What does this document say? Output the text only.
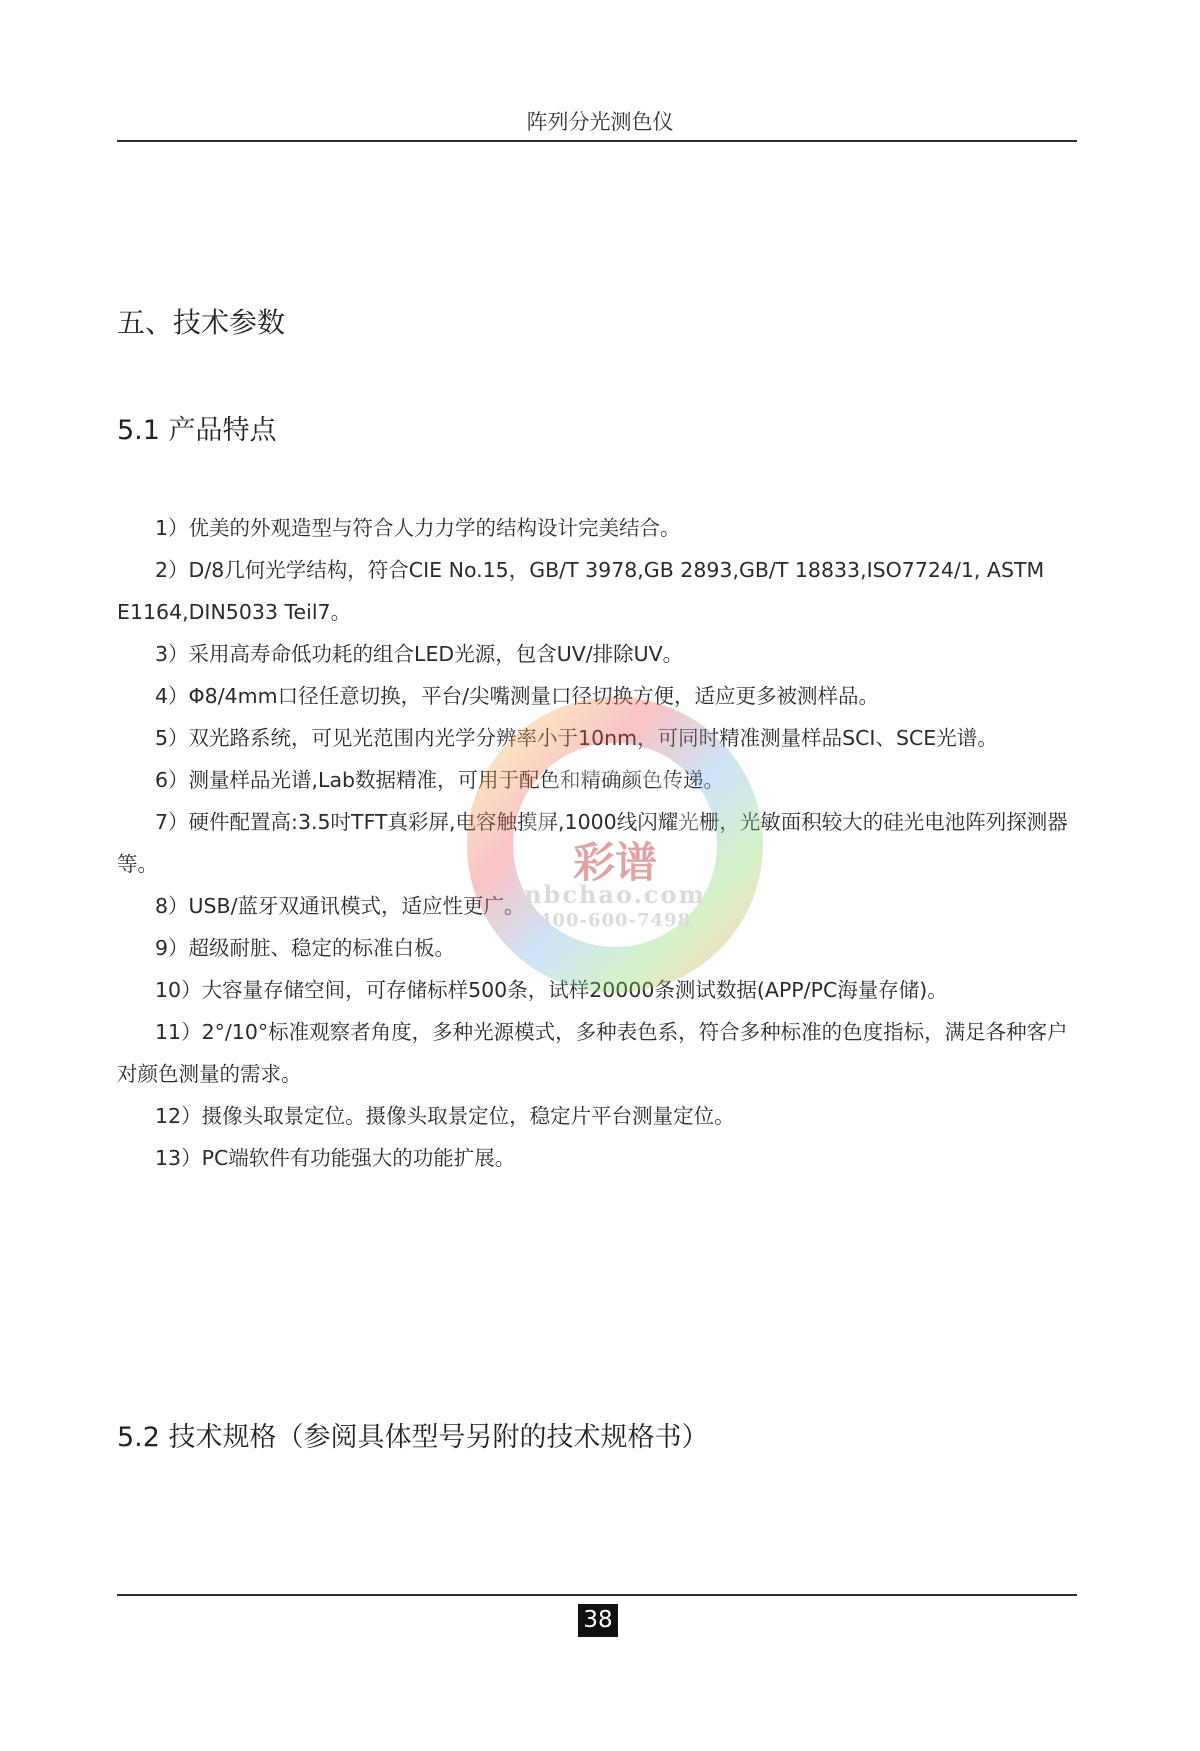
阵列分光测色仪
五、技术参数
5.1 产品特点
1）优美的外观造型与符合人力力学的结构设计完美结合。
2）D/8几何光学结构，符合CIE No.15，GB/T 3978,GB 2893,GB/T 18833,ISO7724/1, ASTM E1164,DIN5033 Teil7。
3）采用高寿命低功耗的组合LED光源，包含UV/排除UV。
4）Φ8/4mm口径任意切换，平台/尖嘴测量口径切换方便，适应更多被测样品。
5）双光路系统，可见光范围内光学分辨率小于10nm，可同时精准测量样品SCI、SCE光谱。
6）测量样品光谱,Lab数据精准，可用于配色和精确颜色传递。
7）硬件配置高:3.5吋TFT真彩屏,电容触摸屏,1000线闪耀光栅，光敏面积较大的硅光电池阵列探测器等。
8）USB/蓝牙双通讯模式，适应性更广。
9）超级耐脏、稳定的标准白板。
10）大容量存储空间，可存储标样500条，试样20000条测试数据(APP/PC海量存储)。
11）2°/10°标准观察者角度，多种光源模式，多种表色系，符合多种标准的色度指标，满足各种客户对颜色测量的需求。
12）摄像头取景定位。摄像头取景定位，稳定片平台测量定位。
13）PC端软件有功能强大的功能扩展。
5.2 技术规格（参阅具体型号另附的技术规格书）
彩谱
nbchao.com
400-600-7498
38
